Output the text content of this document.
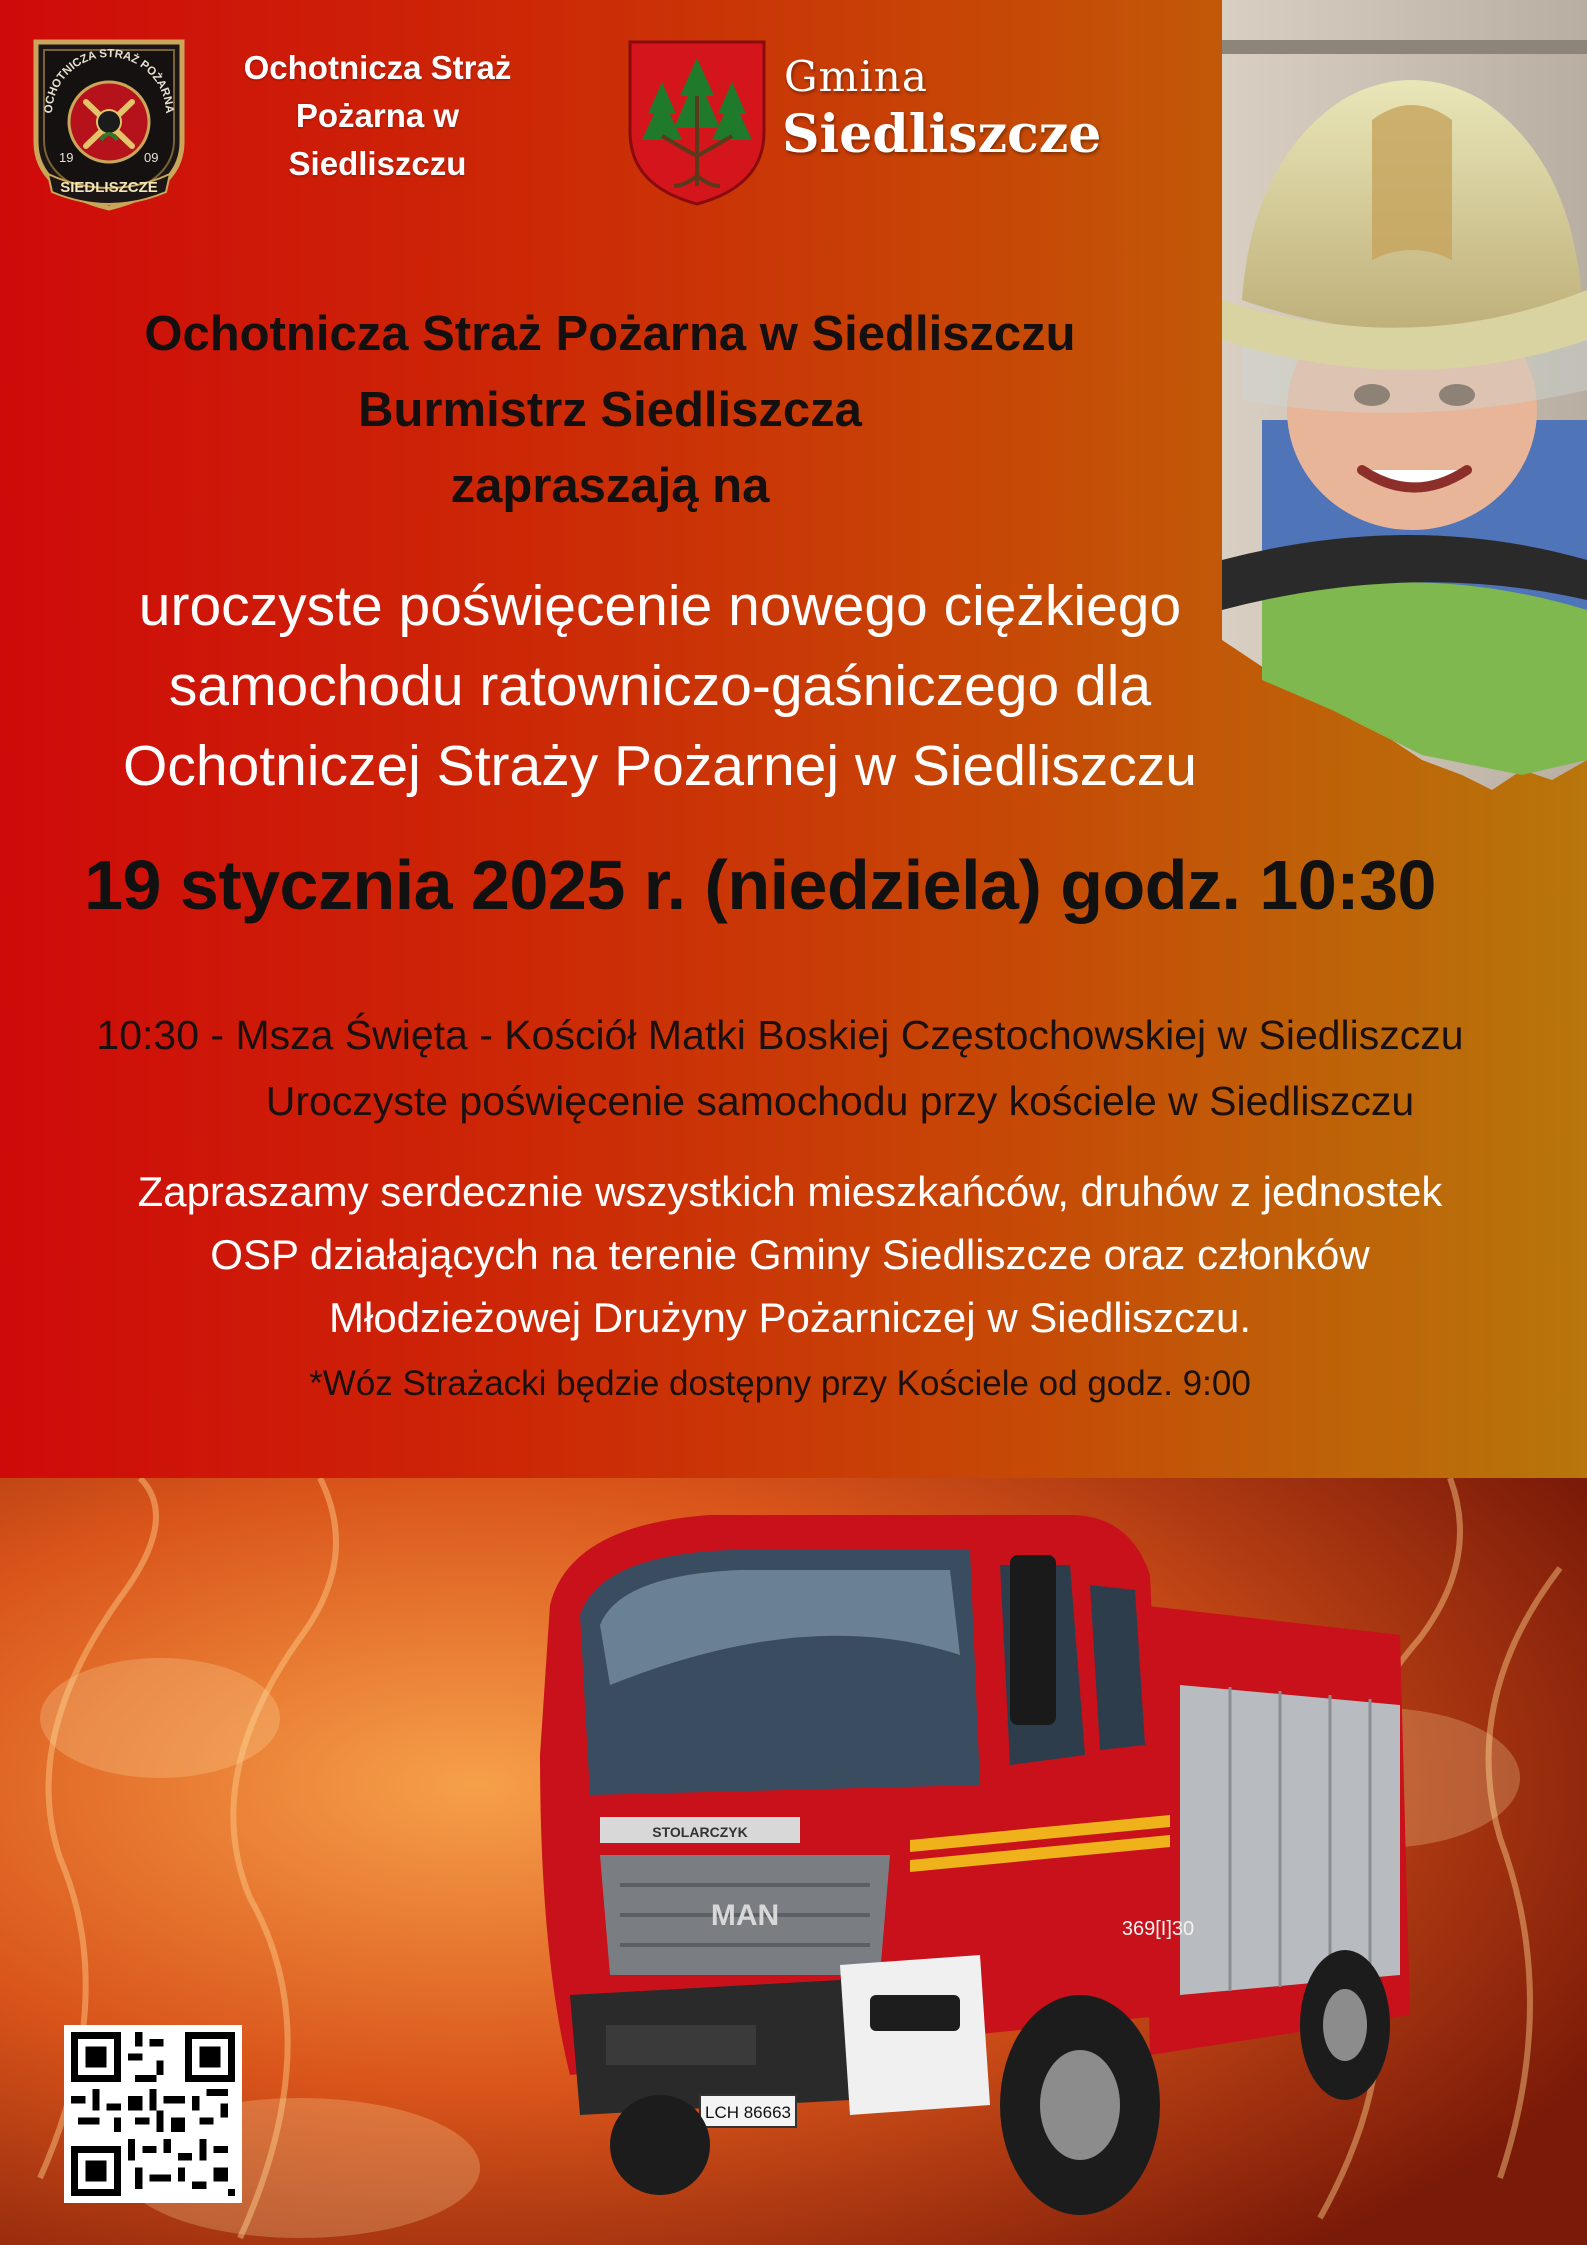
OCHOTNICZA STRAŻ POŻARNA
19	09
SIEDLISZCZE
Ochotnicza Straż
Pożarna w
Siedliszczu
Gmina
Siedliszcze
Ochotnicza Straż Pożarna w Siedliszczu
Burmistrz Siedliszcza
zapraszają na
uroczyste poświęcenie nowego ciężkiego
samochodu ratowniczo-gaśniczego dla
Ochotniczej Straży Pożarnej w Siedliszczu
19 stycznia 2025 r. (niedziela) godz. 10:30
10:30 - Msza Święta - Kościół Matki Boskiej Częstochowskiej w Siedliszczu
Uroczyste poświęcenie samochodu przy kościele w Siedliszczu
Zapraszamy serdecznie wszystkich mieszkańców, druhów z jednostek
OSP działających na terenie Gminy Siedliszcze oraz członków
Młodzieżowej Drużyny Pożarniczej w Siedliszczu.
*Wóz Strażacki będzie dostępny przy Kościele od godz. 9:00
STOLARCZYK
MAN	369[I]30
LCH 86663
